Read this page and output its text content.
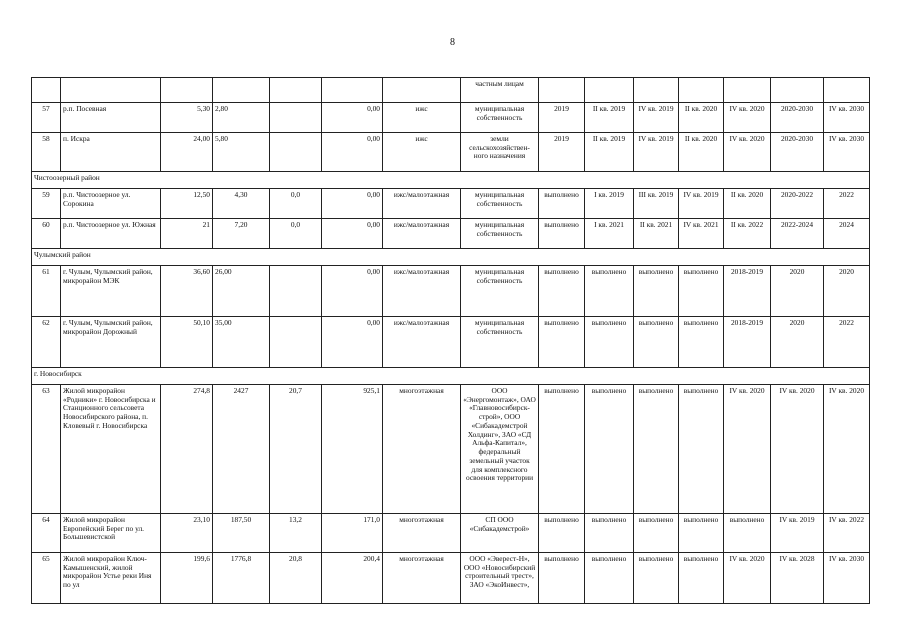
8
							частным лицам							
57	р.п. Посевная	5,30	2,80		0,00	ижс	муниципальная собственность	2019	II кв. 2019	IV кв. 2019	II кв. 2020	IV кв. 2020	2020-2030	IV кв. 2030
58	п. Искра	24,00	5,80		0,00	ижс	земли сельскохозяйствен-ного назначения	2019	II кв. 2019	IV кв. 2019	II кв. 2020	IV кв. 2020	2020-2030	IV кв. 2030
Чистоозерный район														
59	р.п. Чистоозерное ул. Сорокина	12,50	4,30	0,0	0,00	ижс/малоэтажная	муниципальная собственность	выполнено	I кв. 2019	III кв. 2019	IV кв. 2019	II кв. 2020	2020-2022	2022
60	р.п. Чистоозерное ул. Южная	21	7,20	0,0	0,00	ижс/малоэтажная	муниципальная собственность	выполнено	I кв. 2021	II кв. 2021	IV кв. 2021	II кв. 2022	2022-2024	2024
Чулымский район														
61	г. Чулым, Чулымский район, микрорайон МЭК	36,60	26,00		0,00	ижс/малоэтажная	муниципальная собственность	выполнено	выполнено	выполнено	выполнено	2018-2019	2020	2020
62	г. Чулым, Чулымский район, микрорайон Дорожный	50,10	35,00		0,00	ижс/малоэтажная	муниципальная собственность	выполнено	выполнено	выполнено	выполнено	2018-2019	2020	2022
г. Новосибирск														
63	Жилой микрорайон «Родники» г. Новосибирска и Станционного сельсовета Новосибирского района, п. Кловевый г. Новосибирска	274,8	2427	20,7	925,1	многоэтажная	ООО «Энергомонтаж», ОАО «Главновосибирск-строй», ООО «Сибакадемстрой Холдинг», ЗАО «СД Альфа-Капитал», федеральный земельный участок для комплексного освоения территории	выполнено	выполнено	выполнено	выполнено	IV кв. 2020	IV кв. 2020	IV кв. 2020
64	Жилой микрорайон Европейский Берег по ул. Большевистской	23,10	187,50	13,2	171,0	многоэтажная	СП ООО «Сибакадемстрой»	выполнено	выполнено	выполнено	выполнено	выполнено	IV кв. 2019	IV кв. 2022
65	Жилой микрорайон Ключ-Камышенский, жилой микрорайон Устье реки Иня по ул	199,6	1776,8	20,8	200,4	многоэтажная	ООО «Эверест-Н», ООО «Новосибирский строительный трест», ЗАО «ЭкоИнвест»,	выполнено	выполнено	выполнено	выполнено	IV кв. 2020	IV кв. 2028	IV кв. 2030
